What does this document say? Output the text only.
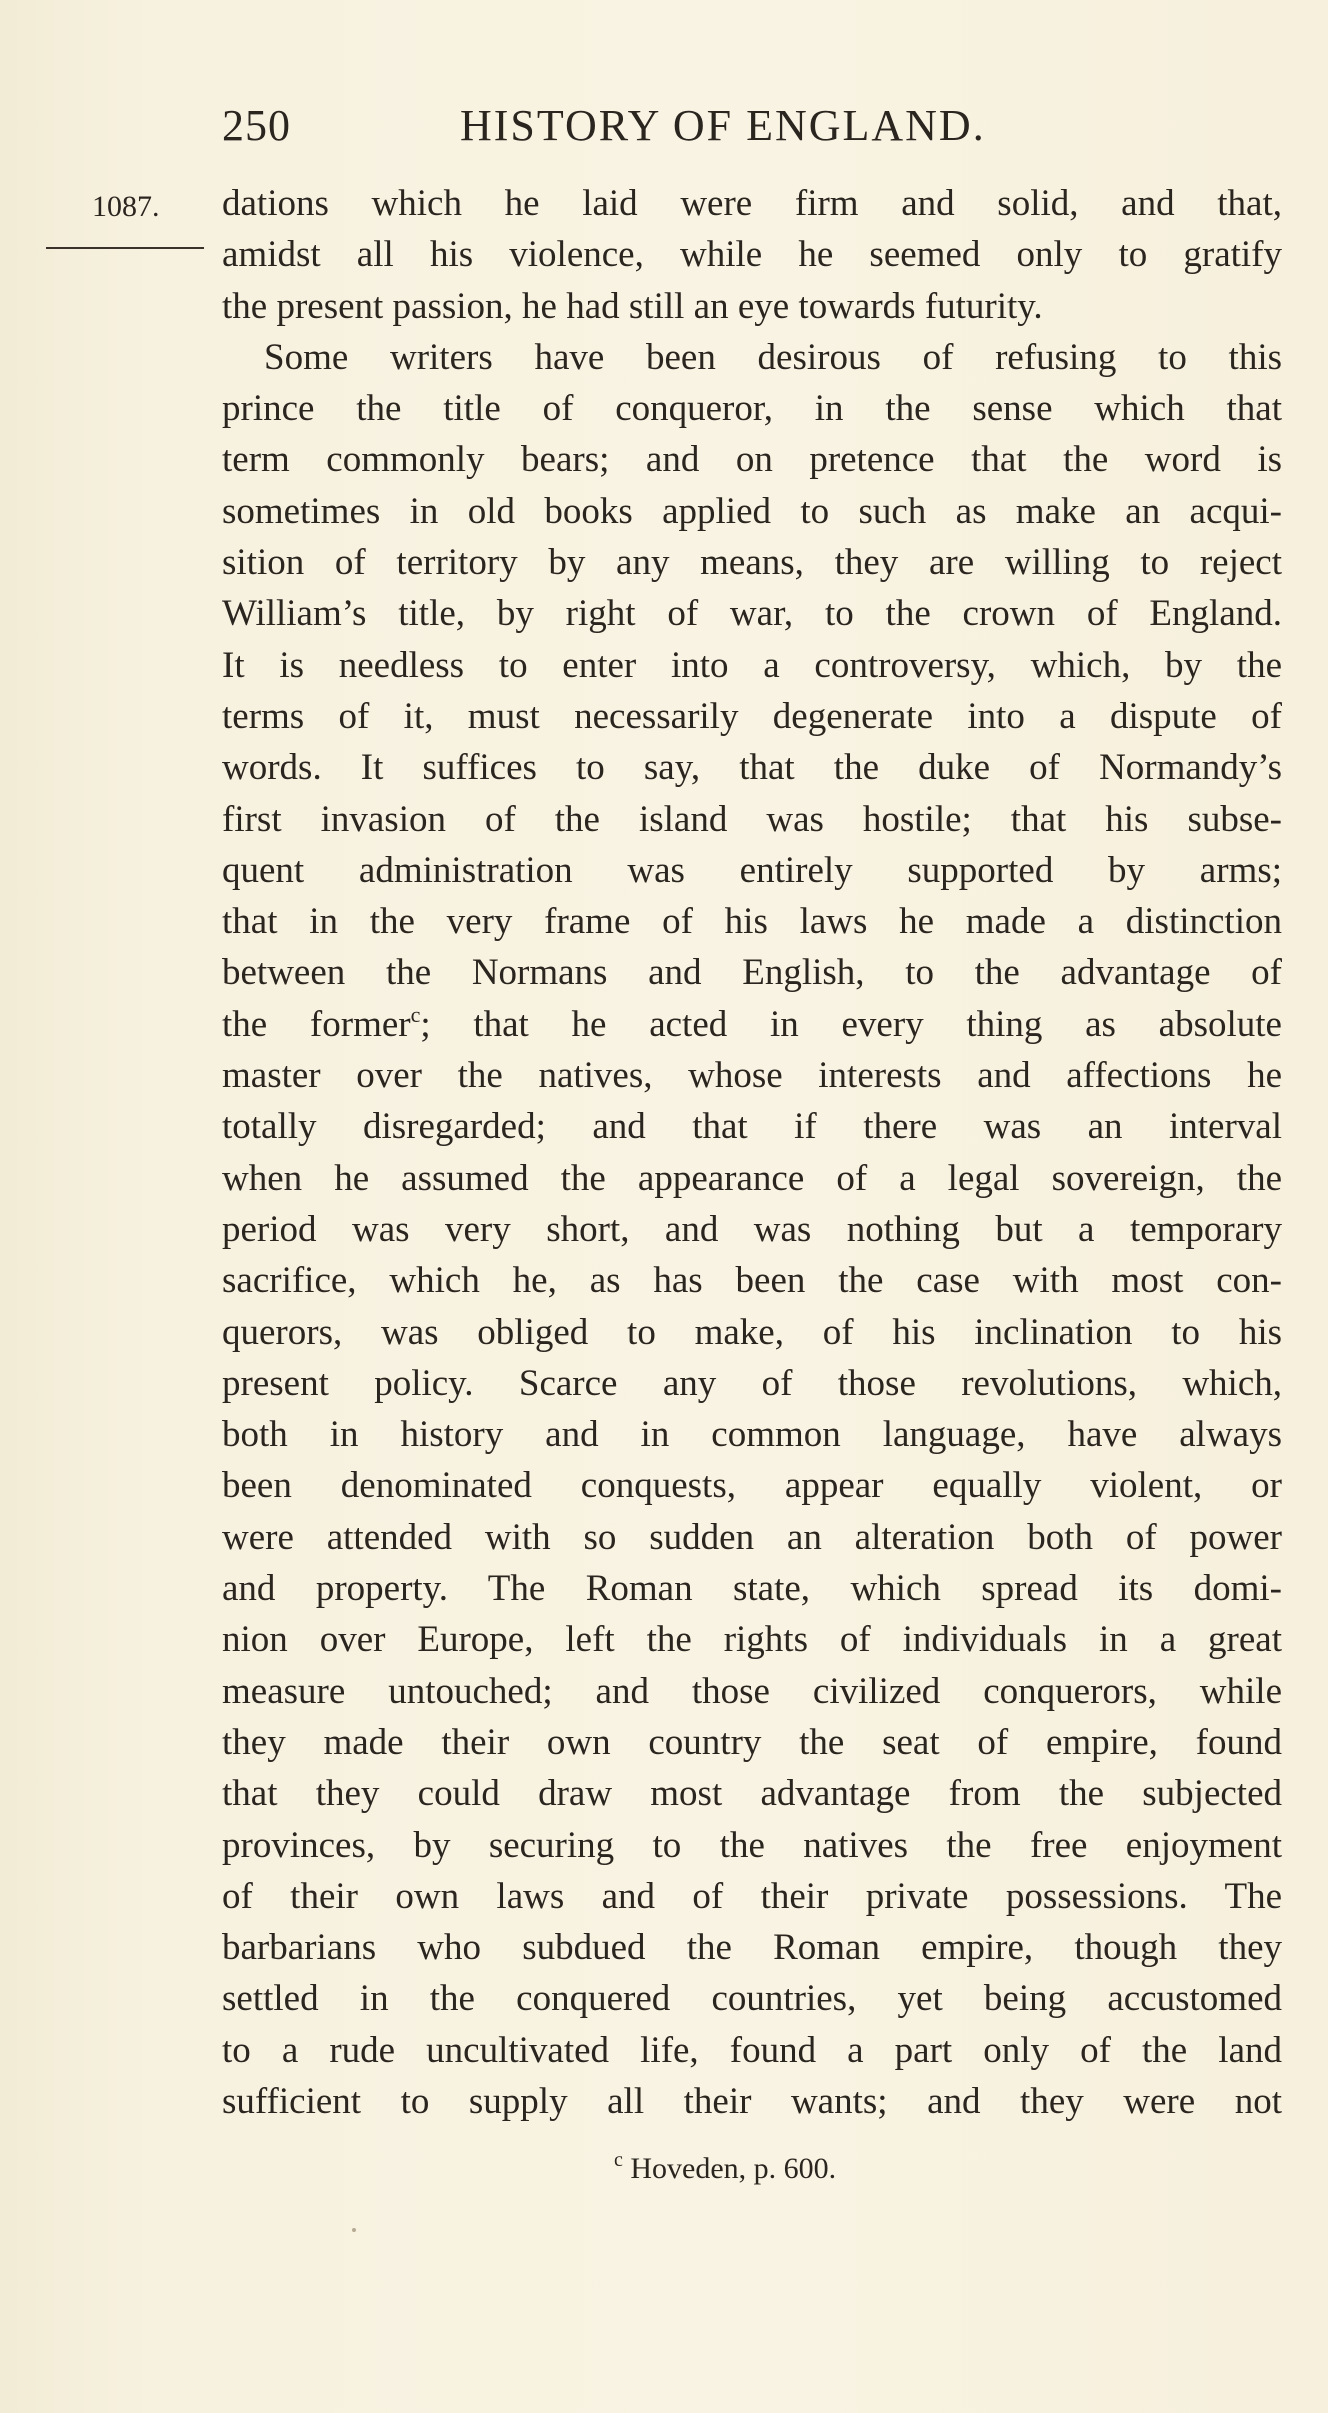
250	HISTORY OF ENGLAND.
1087. dations which he laid were firm and solid, and that,
amidst all his violence, while he seemed only to gratify
the present passion, he had still an eye towards futurity.
Some writers have been desirous of refusing to this
prince the title of conqueror, in the sense which that
term commonly bears; and on pretence that the word is
sometimes in old books applied to such as make an acqui-
sition of territory by any means, they are willing to reject
William’s title, by right of war, to the crown of England.
It is needless to enter into a controversy, which, by the
terms of it, must necessarily degenerate into a dispute of
words. It suffices to say, that the duke of Normandy’s
first invasion of the island was hostile; that his subse-
quent administration was entirely supported by arms;
that in the very frame of his laws he made a distinction
between the Normans and English, to the advantage of
the former$^c$; that he acted in every thing as absolute
master over the natives, whose interests and affections he
totally disregarded; and that if there was an interval
when he assumed the appearance of a legal sovereign, the
period was very short, and was nothing but a temporary
sacrifice, which he, as has been the case with most con-
querors, was obliged to make, of his inclination to his
present policy. Scarce any of those revolutions, which,
both in history and in common language, have always
been denominated conquests, appear equally violent, or
were attended with so sudden an alteration both of power
and property. The Roman state, which spread its domi-
nion over Europe, left the rights of individuals in a great
measure untouched; and those civilized conquerors, while
they made their own country the seat of empire, found
that they could draw most advantage from the subjected
provinces, by securing to the natives the free enjoyment
of their own laws and of their private possessions. The
barbarians who subdued the Roman empire, though they
settled in the conquered countries, yet being accustomed
to a rude uncultivated life, found a part only of the land
sufficient to supply all their wants; and they were not
$^c$ Hoveden, p. 600.
